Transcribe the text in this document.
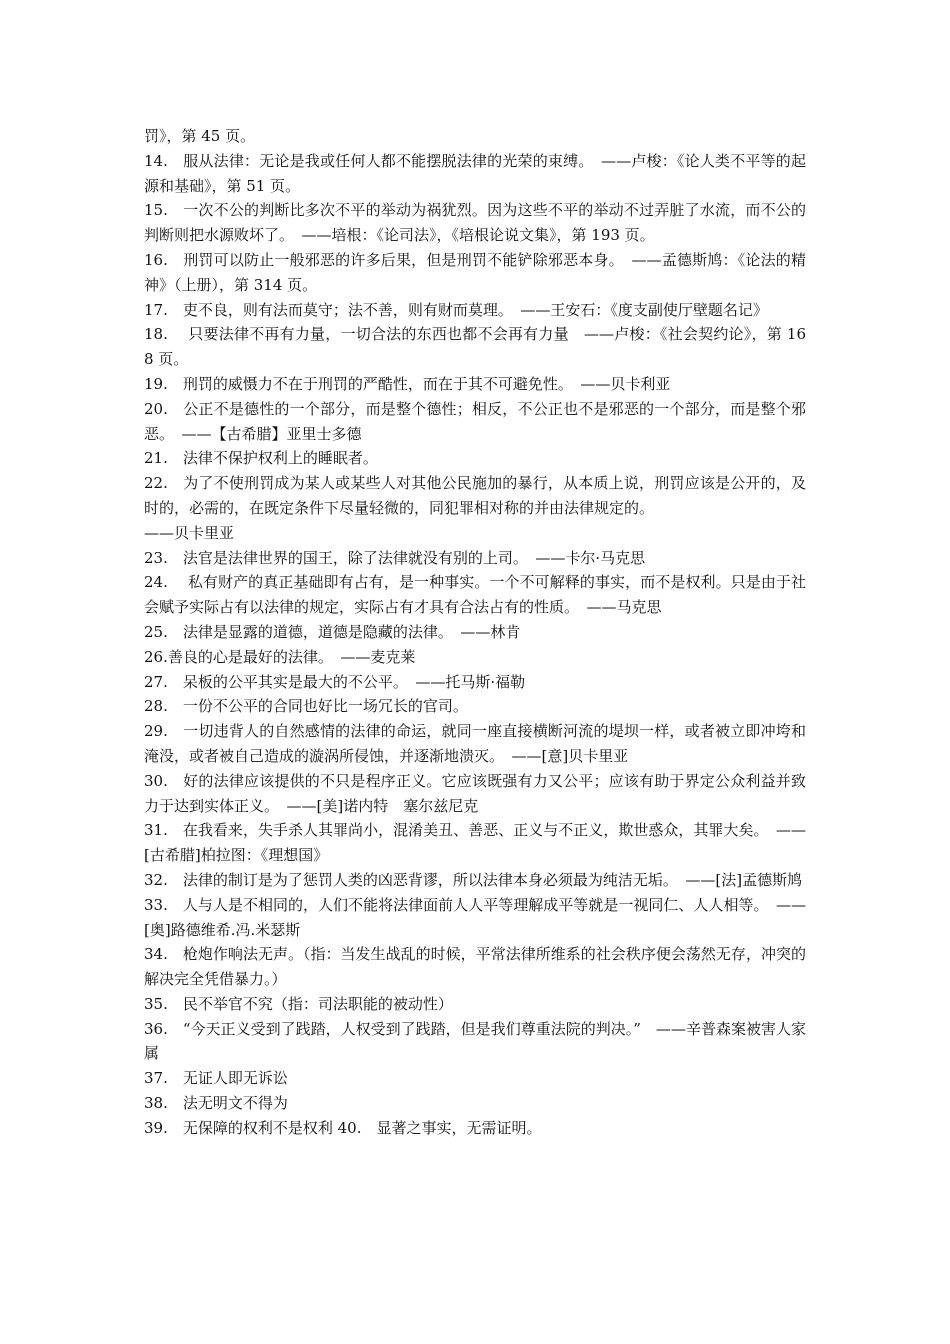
罚》，第 45 页。

14.　服从法律：无论是我或任何人都不能摆脱法律的光荣的束缚。　——卢梭：《论人类不平等的起源和基础》，第 51 页。

15.　一次不公的判断比多次不平的举动为祸犹烈。因为这些不平的举动不过弄脏了水流，而不公的判断则把水源败坏了。　——培根：《论司法》，《培根论说文集》，第 193 页。

16.　刑罚可以防止一般邪恶的许多后果，但是刑罚不能铲除邪恶本身。　——孟德斯鸠：《论法的精神》（上册），第 314 页。

17.　吏不良，则有法而莫守；法不善，则有财而莫理。　——王安石：《度支副使厅壁题名记》

18.　 只要法律不再有力量，一切合法的东西也都不会再有力量　——卢梭：《社会契约论》，第 168 页。

19.　刑罚的威慑力不在于刑罚的严酷性，而在于其不可避免性。　——贝卡利亚

20.　公正不是德性的一个部分，而是整个德性；相反，不公正也不是邪恶的一个部分，而是整个邪恶。　——【古希腊】亚里士多德

21.　法律不保护权利上的睡眠者。

22.　为了不使刑罚成为某人或某些人对其他公民施加的暴行，从本质上说，刑罚应该是公开的，及时的，必需的，在既定条件下尽量轻微的，同犯罪相对称的并由法律规定的。

——贝卡里亚

23.　法官是法律世界的国王，除了法律就没有别的上司。　——卡尔·马克思

24.　 私有财产的真正基础即有占有，是一种事实。一个不可解释的事实，而不是权利。只是由于社会赋予实际占有以法律的规定，实际占有才具有合法占有的性质。　——马克思

25.　法律是显露的道德，道德是隐藏的法律。　——林肯

26.善良的心是最好的法律。　——麦克莱

27.　呆板的公平其实是最大的不公平。　——托马斯·福勒

28.　一份不公平的合同也好比一场冗长的官司。

29.　一切违背人的自然感情的法律的命运，就同一座直接横断河流的堤坝一样，或者被立即冲垮和淹没，或者被自己造成的漩涡所侵蚀，并逐渐地溃灭。　——[意]贝卡里亚

30.　好的法律应该提供的不只是程序正义。它应该既强有力又公平；应该有助于界定公众利益并致力于达到实体正义。　——[美]诺内特　塞尔兹尼克

31.　在我看来，失手杀人其罪尚小，混淆美丑、善恶、正义与不正义，欺世惑众，其罪大矣。　——[古希腊]柏拉图：《理想国》

32.　法律的制订是为了惩罚人类的凶恶背谬，所以法律本身必须最为纯洁无垢。　——[法]孟德斯鸠

33.　人与人是不相同的，人们不能将法律面前人人平等理解成平等就是一视同仁、人人相等。　——[奥]路德维希.冯.米瑟斯

34.　枪炮作响法无声。（指：当发生战乱的时候，平常法律所维系的社会秩序便会荡然无存，冲突的解决完全凭借暴力。）

35.　民不举官不究（指：司法职能的被动性）

36.　“今天正义受到了践踏，人权受到了践踏，但是我们尊重法院的判决。”　——辛普森案被害人家属

37.　无证人即无诉讼

38.　法无明文不得为

39.　无保障的权利不是权利 40.　显著之事实，无需证明。
